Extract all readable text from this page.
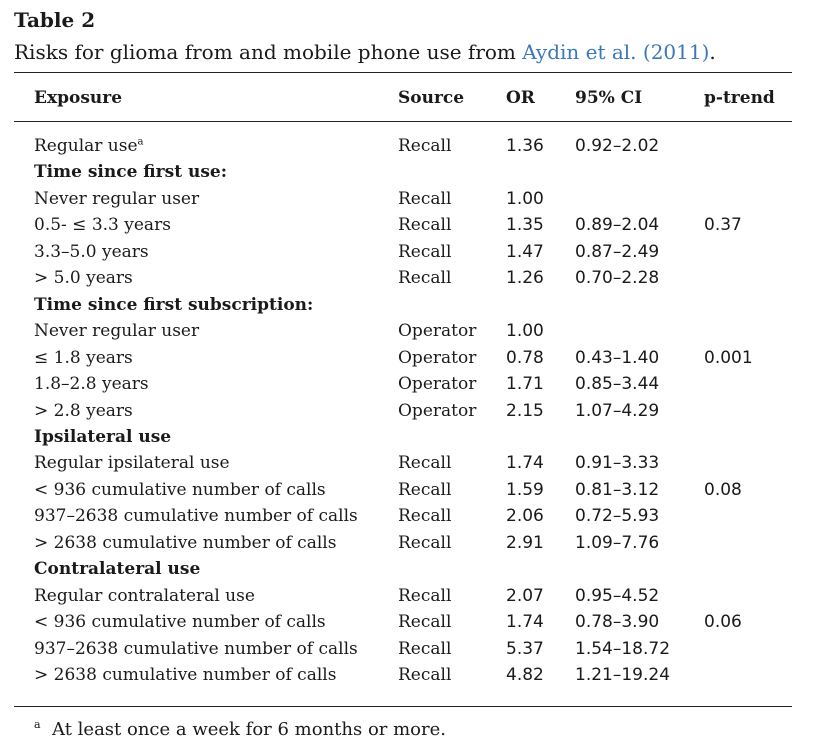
Table 2
Risks for glioma from and mobile phone use from Aydin et al. (2011).
Exposure	Source OR 95% CI	p-trend
Regular use$^a$	Recall	1.36 0.92–2.02
Time since first use:
Never regular user	Recall	1.00
0.5- ≤ 3.3 years	Recall	1.35 0.89–2.04	0.37
3.3–5.0 years	Recall	1.47 0.87–2.49
> 5.0 years	Recall	1.26 0.70–2.28
Time since first subscription:
Never regular user	Operator 1.00
≤ 1.8 years	Operator 0.78 0.43–1.40	0.001
1.8–2.8 years	Operator 1.71 0.85–3.44
> 2.8 years	Operator 2.15 1.07–4.29
Ipsilateral use
Regular ipsilateral use	Recall	1.74 0.91–3.33
< 936 cumulative number of calls	Recall	1.59 0.81–3.12	0.08
937–2638 cumulative number of calls Recall	2.06 0.72–5.93
> 2638 cumulative number of calls	Recall	2.91 1.09–7.76
Contralateral use
Regular contralateral use	Recall	2.07 0.95–4.52
< 936 cumulative number of calls	Recall	1.74 0.78–3.90	0.06
937–2638 cumulative number of calls Recall	5.37 1.54–18.72
> 2638 cumulative number of calls	Recall	4.82 1.21–19.24
$^a$ At least once a week for 6 months or more.
